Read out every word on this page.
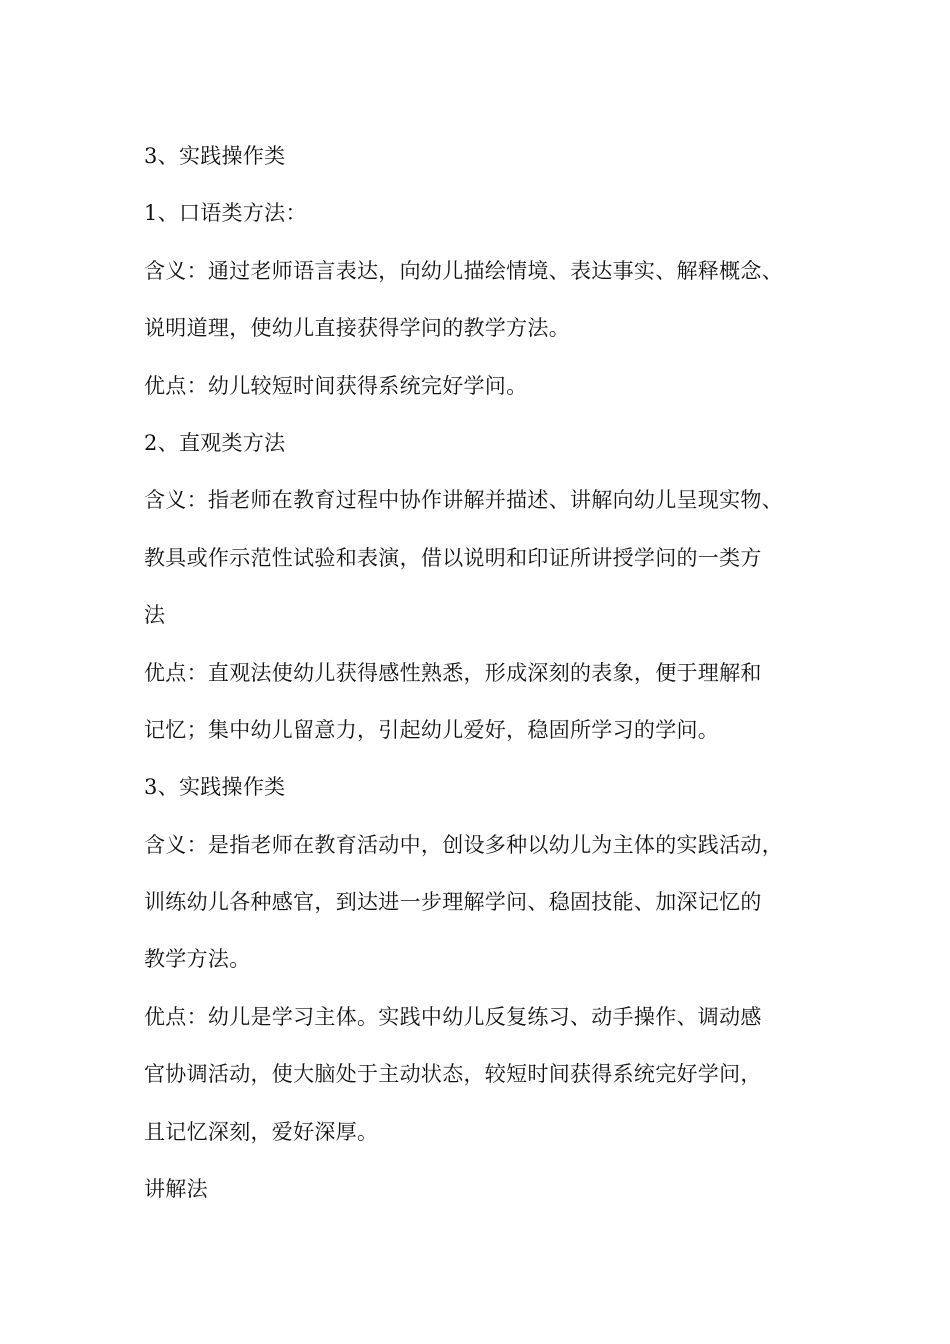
3、实践操作类
1、口语类方法：
含义：通过老师语言表达，向幼儿描绘情境、表达事实、解释概念、
说明道理，使幼儿直接获得学问的教学方法。
优点：幼儿较短时间获得系统完好学问。
2、直观类方法
含义：指老师在教育过程中协作讲解并描述、讲解向幼儿呈现实物、
教具或作示范性试验和表演，借以说明和印证所讲授学问的一类方
法
优点：直观法使幼儿获得感性熟悉，形成深刻的表象，便于理解和
记忆；集中幼儿留意力，引起幼儿爱好，稳固所学习的学问。
3、实践操作类
含义：是指老师在教育活动中，创设多种以幼儿为主体的实践活动，
训练幼儿各种感官，到达进一步理解学问、稳固技能、加深记忆的
教学方法。
优点：幼儿是学习主体。实践中幼儿反复练习、动手操作、调动感
官协调活动，使大脑处于主动状态，较短时间获得系统完好学问，
且记忆深刻，爱好深厚。
讲解法
